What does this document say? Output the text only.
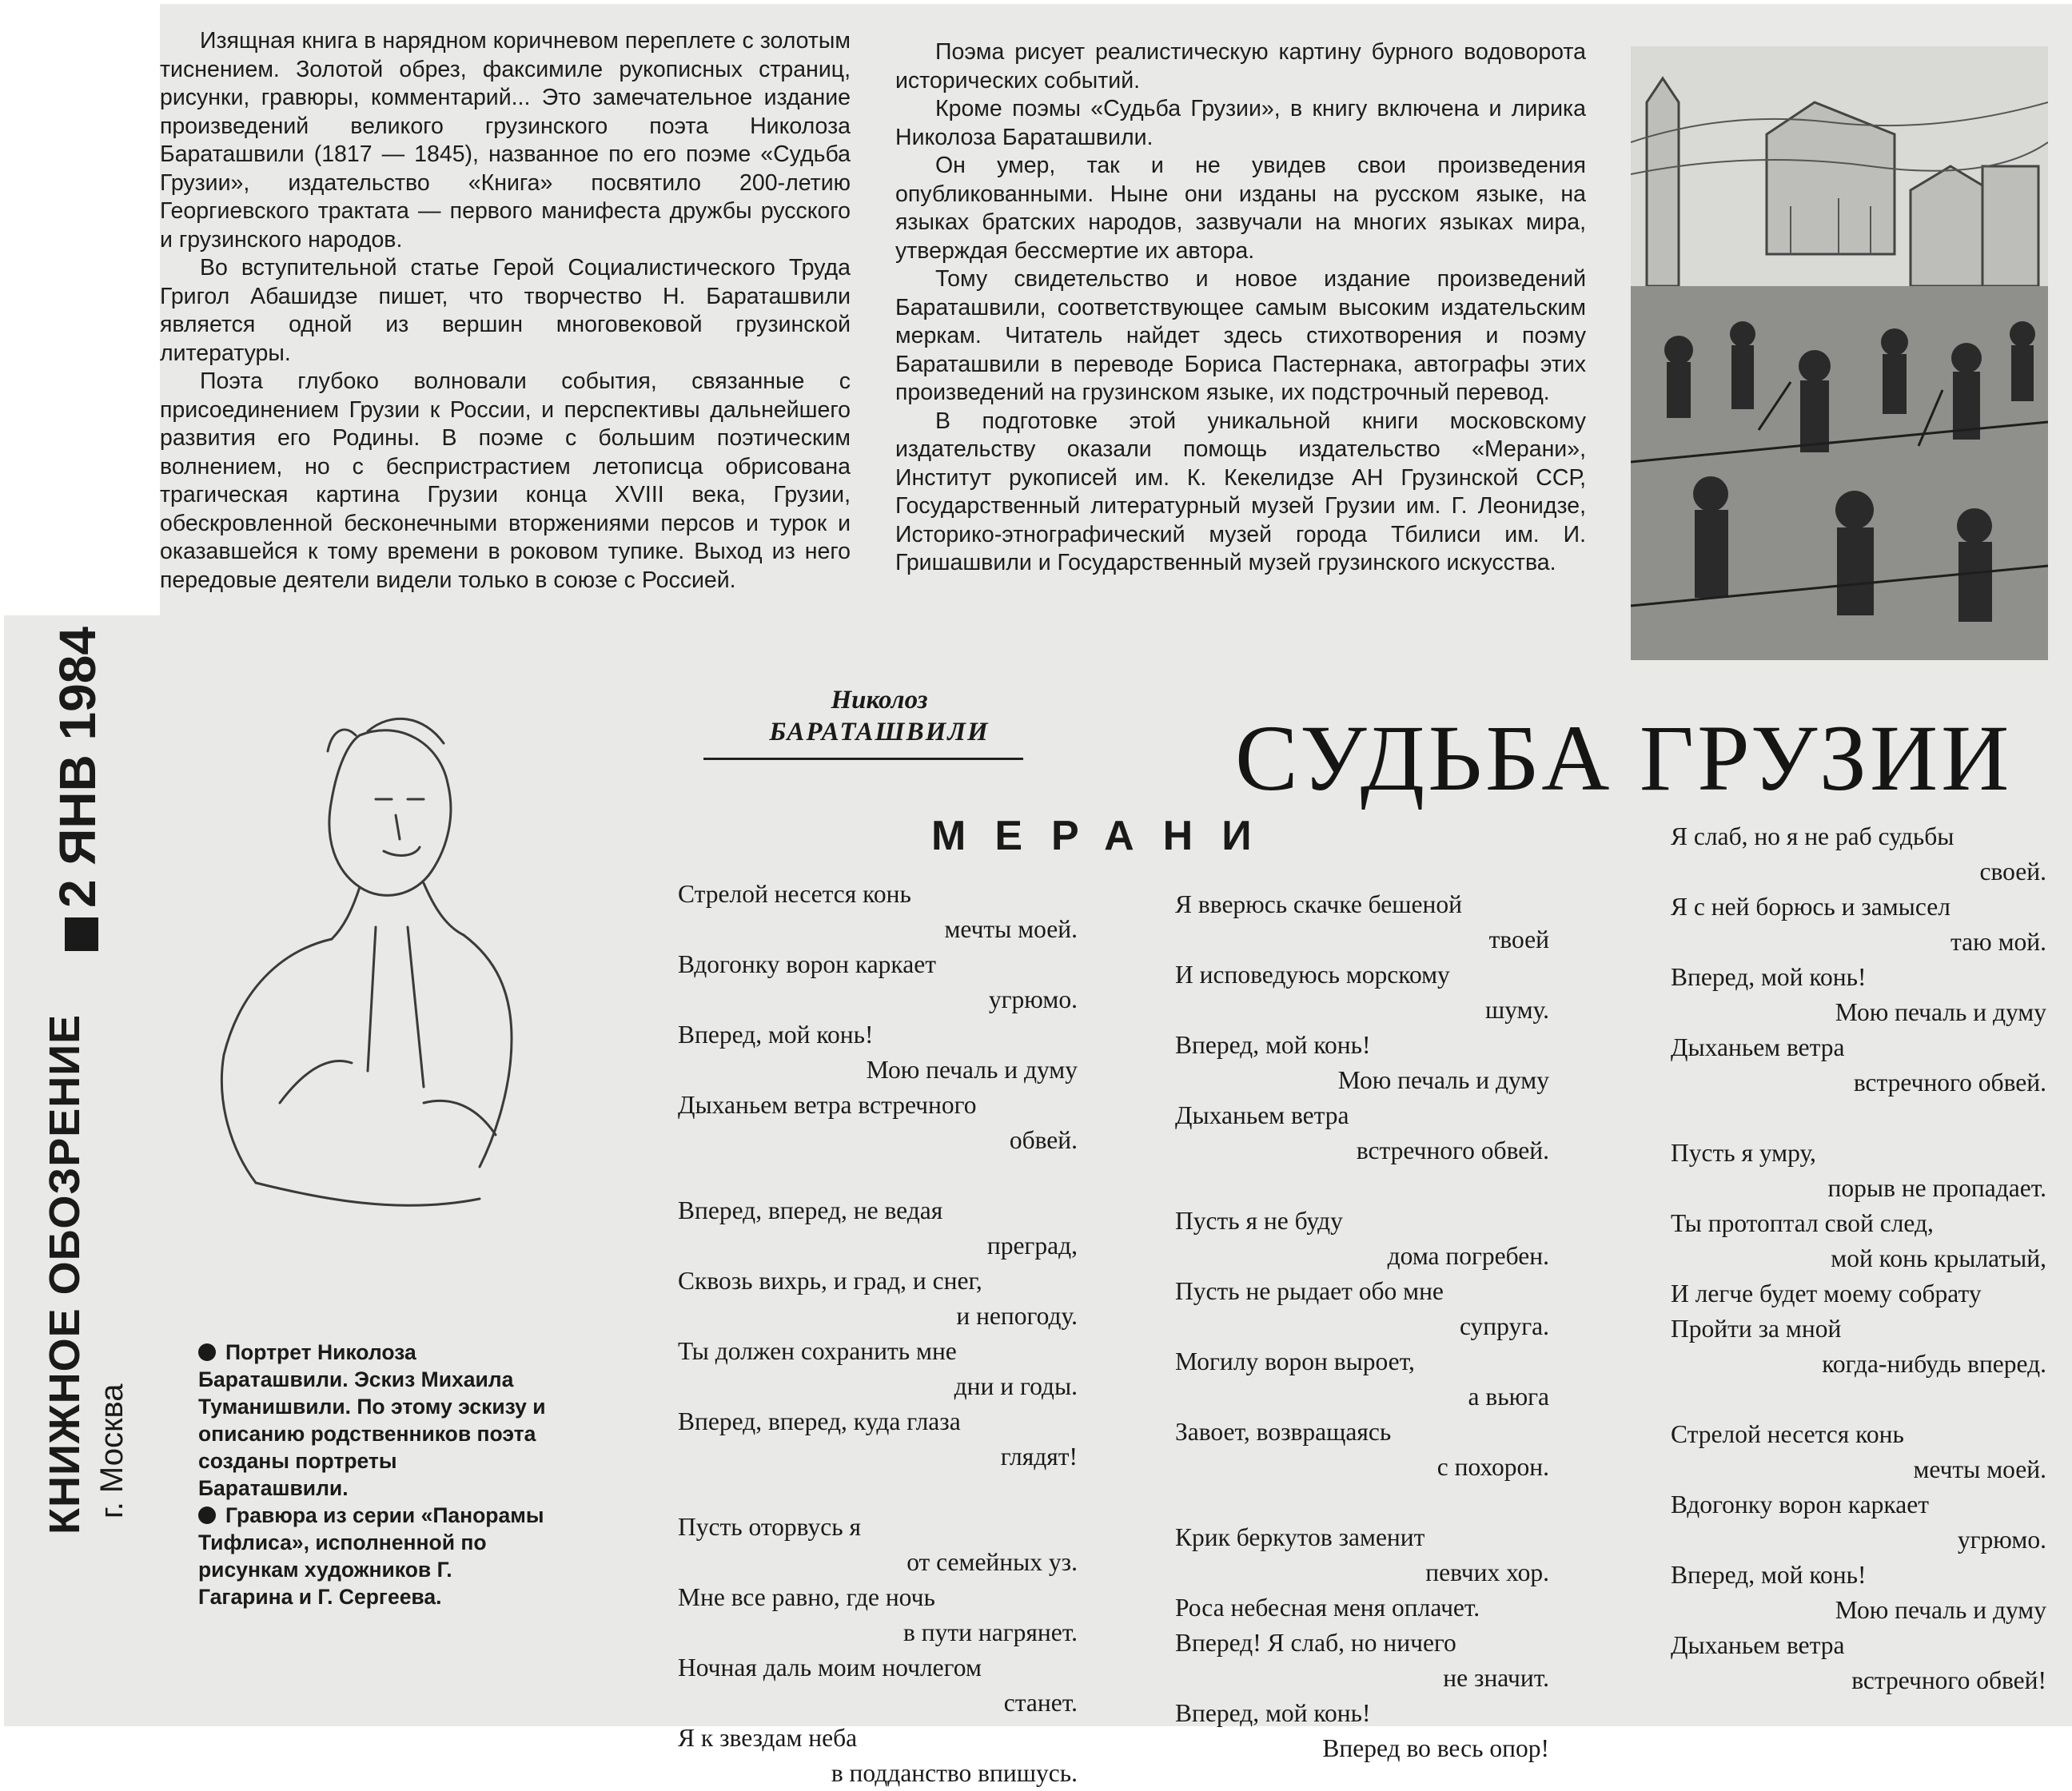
Изящная книга в нарядном коричневом переплете с золотым тиснением. Золотой обрез, факсимиле рукописных страниц, рисунки, гравюры, комментарий... Это замечательное издание произведений великого грузинского поэта Николоза Бараташвили (1817 — 1845), названное по его поэме «Судьба Грузии», издательство «Книга» посвятило 200-летию Георгиевского трактата — первого манифеста дружбы русского и грузинского народов.

Во вступительной статье Герой Социалистического Труда Григол Абашидзе пишет, что творчество Н. Бараташвили является одной из вершин многовековой грузинской литературы.

Поэта глубоко волновали события, связанные с присоединением Грузии к России, и перспективы дальнейшего развития его Родины. В поэме с большим поэтическим волнением, но с беспристрастием летописца обрисована трагическая картина Грузии конца XVIII века, Грузии, обескровленной бесконечными вторжениями персов и турок и оказавшейся к тому времени в роковом тупике. Выход из него передовые деятели видели только в союзе с Россией.

Поэма рисует реалистическую картину бурного водоворота исторических событий.

Кроме поэмы «Судьба Грузии», в книгу включена и лирика Николоза Бараташвили.

Он умер, так и не увидев свои произведения опубликованными. Ныне они изданы на русском языке, на языках братских народов, зазвучали на многих языках мира, утверждая бессмертие их автора.

Тому свидетельство и новое издание произведений Бараташвили, соответствующее самым высоким издательским меркам. Читатель найдет здесь стихотворения и поэму Бараташвили в переводе Бориса Пастернака, автографы этих произведений на грузинском языке, их подстрочный перевод.

В подготовке этой уникальной книги московскому издательству оказали помощь издательство «Мерани», Институт рукописей им. К. Кекелидзе АН Грузинской ССР, Государственный литературный музей Грузии им. Г. Леонидзе, Историко-этнографический музей города Тбилиси им. И. Гришашвили и Государственный музей грузинского искусства.

Николоз
БАРАТАШВИЛИ	СУДЬБА ГРУЗИИ
МЕРАНИ

Портрет Николоза Бараташвили. Эскиз Михаила Туманишвили. По этому эскизу и описанию родственников поэта созданы портреты Бараташвили.

Гравюра из серии «Панорамы Тифлиса», исполненной по рисункам художников Г. Гагарина и Г. Сергеева.

2 ЯНВ 1984
КНИЖНОЕ ОБОЗРЕНИЕ г. Москва
Стрелой несется конь
мечты моей.
Вдогонку ворон каркает
угрюмо.
Вперед, мой конь!
Мою печаль и думу
Дыханьем ветра встречного
обвей.
Вперед, вперед, не ведая
преград,
Сквозь вихрь, и град, и снег,
и непогоду.
Ты должен сохранить мне
дни и годы.
Вперед, вперед, куда глаза
глядят!
Пусть оторвусь я
от семейных уз.
Мне все равно, где ночь
в пути нагрянет.
Ночная даль моим ночлегом
станет.
Я к звездам неба
в подданство впишусь.
Я вверюсь скачке бешеной
твоей
И исповедуюсь морскому
шуму.
Вперед, мой конь!
Мою печаль и думу
Дыханьем ветра
встречного обвей.
Пусть я не буду
дома погребен.
Пусть не рыдает обо мне
супруга.
Могилу ворон выроет,
а вьюга
Завоет, возвращаясь
с похорон.
Крик беркутов заменит
певчих хор.
Роса небесная меня оплачет.
Вперед! Я слаб, но ничего
не значит.
Вперед, мой конь!
Вперед во весь опор!
Я слаб, но я не раб судьбы
своей.
Я с ней борюсь и замысел
таю мой.
Вперед, мой конь!
Мою печаль и думу
Дыханьем ветра
встречного обвей.
Пусть я умру,
порыв не пропадает.
Ты протоптал свой след,
мой конь крылатый,
И легче будет моему собрату
Пройти за мной
когда-нибудь вперед.
Стрелой несется конь
мечты моей.
Вдогонку ворон каркает
угрюмо.
Вперед, мой конь!
Мою печаль и думу
Дыханьем ветра
встречного обвей!
